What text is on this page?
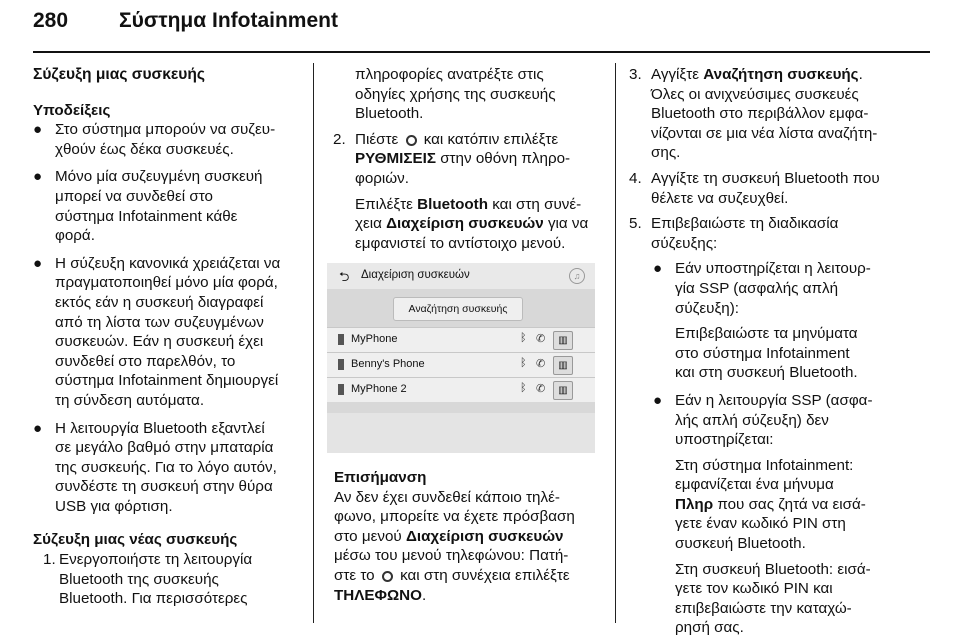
280 Σύστημα Infotainment
Σύζευξη μιας συσκευής
Υποδείξεις
● Στο σύστημα μπορούν να συζευ-
χθούν έως δέκα συσκευές.
● Μόνο μία συζευγμένη συσκευή
μπορεί να συνδεθεί στο
σύστημα Infotainment κάθε
φορά.
● Η σύζευξη κανονικά χρειάζεται να
πραγματοποιηθεί μόνο μία φορά,
εκτός εάν η συσκευή διαγραφεί
από τη λίστα των συζευγμένων
συσκευών. Εάν η συσκευή έχει
συνδεθεί στο παρελθόν, το
σύστημα Infotainment δημιουργεί
τη σύνδεση αυτόματα.
● Η λειτουργία Bluetooth εξαντλεί
σε μεγάλο βαθμό στην μπαταρία
της συσκευής. Για το λόγο αυτόν,
συνδέστε τη συσκευή στην θύρα
USB για φόρτιση.
Σύζευξη μιας νέας συσκευής
1. Ενεργοποιήστε τη λειτουργία
Bluetooth της συσκευής
Bluetooth. Για περισσότερες
πληροφορίες ανατρέξτε στις
οδηγίες χρήσης της συσκευής
Bluetooth.
2. Πιέστε και κατόπιν επιλέξτε
ΡΥΘΜΙΣΕΙΣ στην οθόνη πληρο-
φοριών.
Επιλέξτε Bluetooth και στη συνέ-
χεια Διαχείριση συσκευών για να
εμφανιστεί το αντίστοιχο μενού.
⮌ Διαχείριση συσκευών	♫
Αναζήτηση συσκευής
MyPhone	ᛒ ✆	▥
Benny's Phone	ᛒ ✆	▥
MyPhone 2	ᛒ ✆	▥
Επισήμανση
Αν δεν έχει συνδεθεί κάποιο τηλέ-
φωνο, μπορείτε να έχετε πρόσβαση
στο μενού Διαχείριση συσκευών
μέσω του μενού τηλεφώνου: Πατή-
στε το και στη συνέχεια επιλέξτε
ΤΗΛΕΦΩΝΟ.
3. Αγγίξτε Αναζήτηση συσκευής.
Όλες οι ανιχνεύσιμες συσκευές
Bluetooth στο περιβάλλον εμφα-
νίζονται σε μια νέα λίστα αναζήτη-
σης.
4. Αγγίξτε τη συσκευή Bluetooth που
θέλετε να συζευχθεί.
5. Επιβεβαιώστε τη διαδικασία
σύζευξης:
● Εάν υποστηρίζεται η λειτουρ-
γία SSP (ασφαλής απλή
σύζευξη):
Επιβεβαιώστε τα μηνύματα
στο σύστημα Infotainment
και στη συσκευή Bluetooth.
● Εάν η λειτουργία SSP (ασφα-
λής απλή σύζευξη) δεν
υποστηρίζεται:
Στη σύστημα Infotainment:
εμφανίζεται ένα μήνυμα
Πληρ που σας ζητά να εισά-
γετε έναν κωδικό PIN στη
συσκευή Bluetooth.
Στη συσκευή Bluetooth: εισά-
γετε τον κωδικό PIN και
επιβεβαιώστε την καταχώ-
ρησή σας.
